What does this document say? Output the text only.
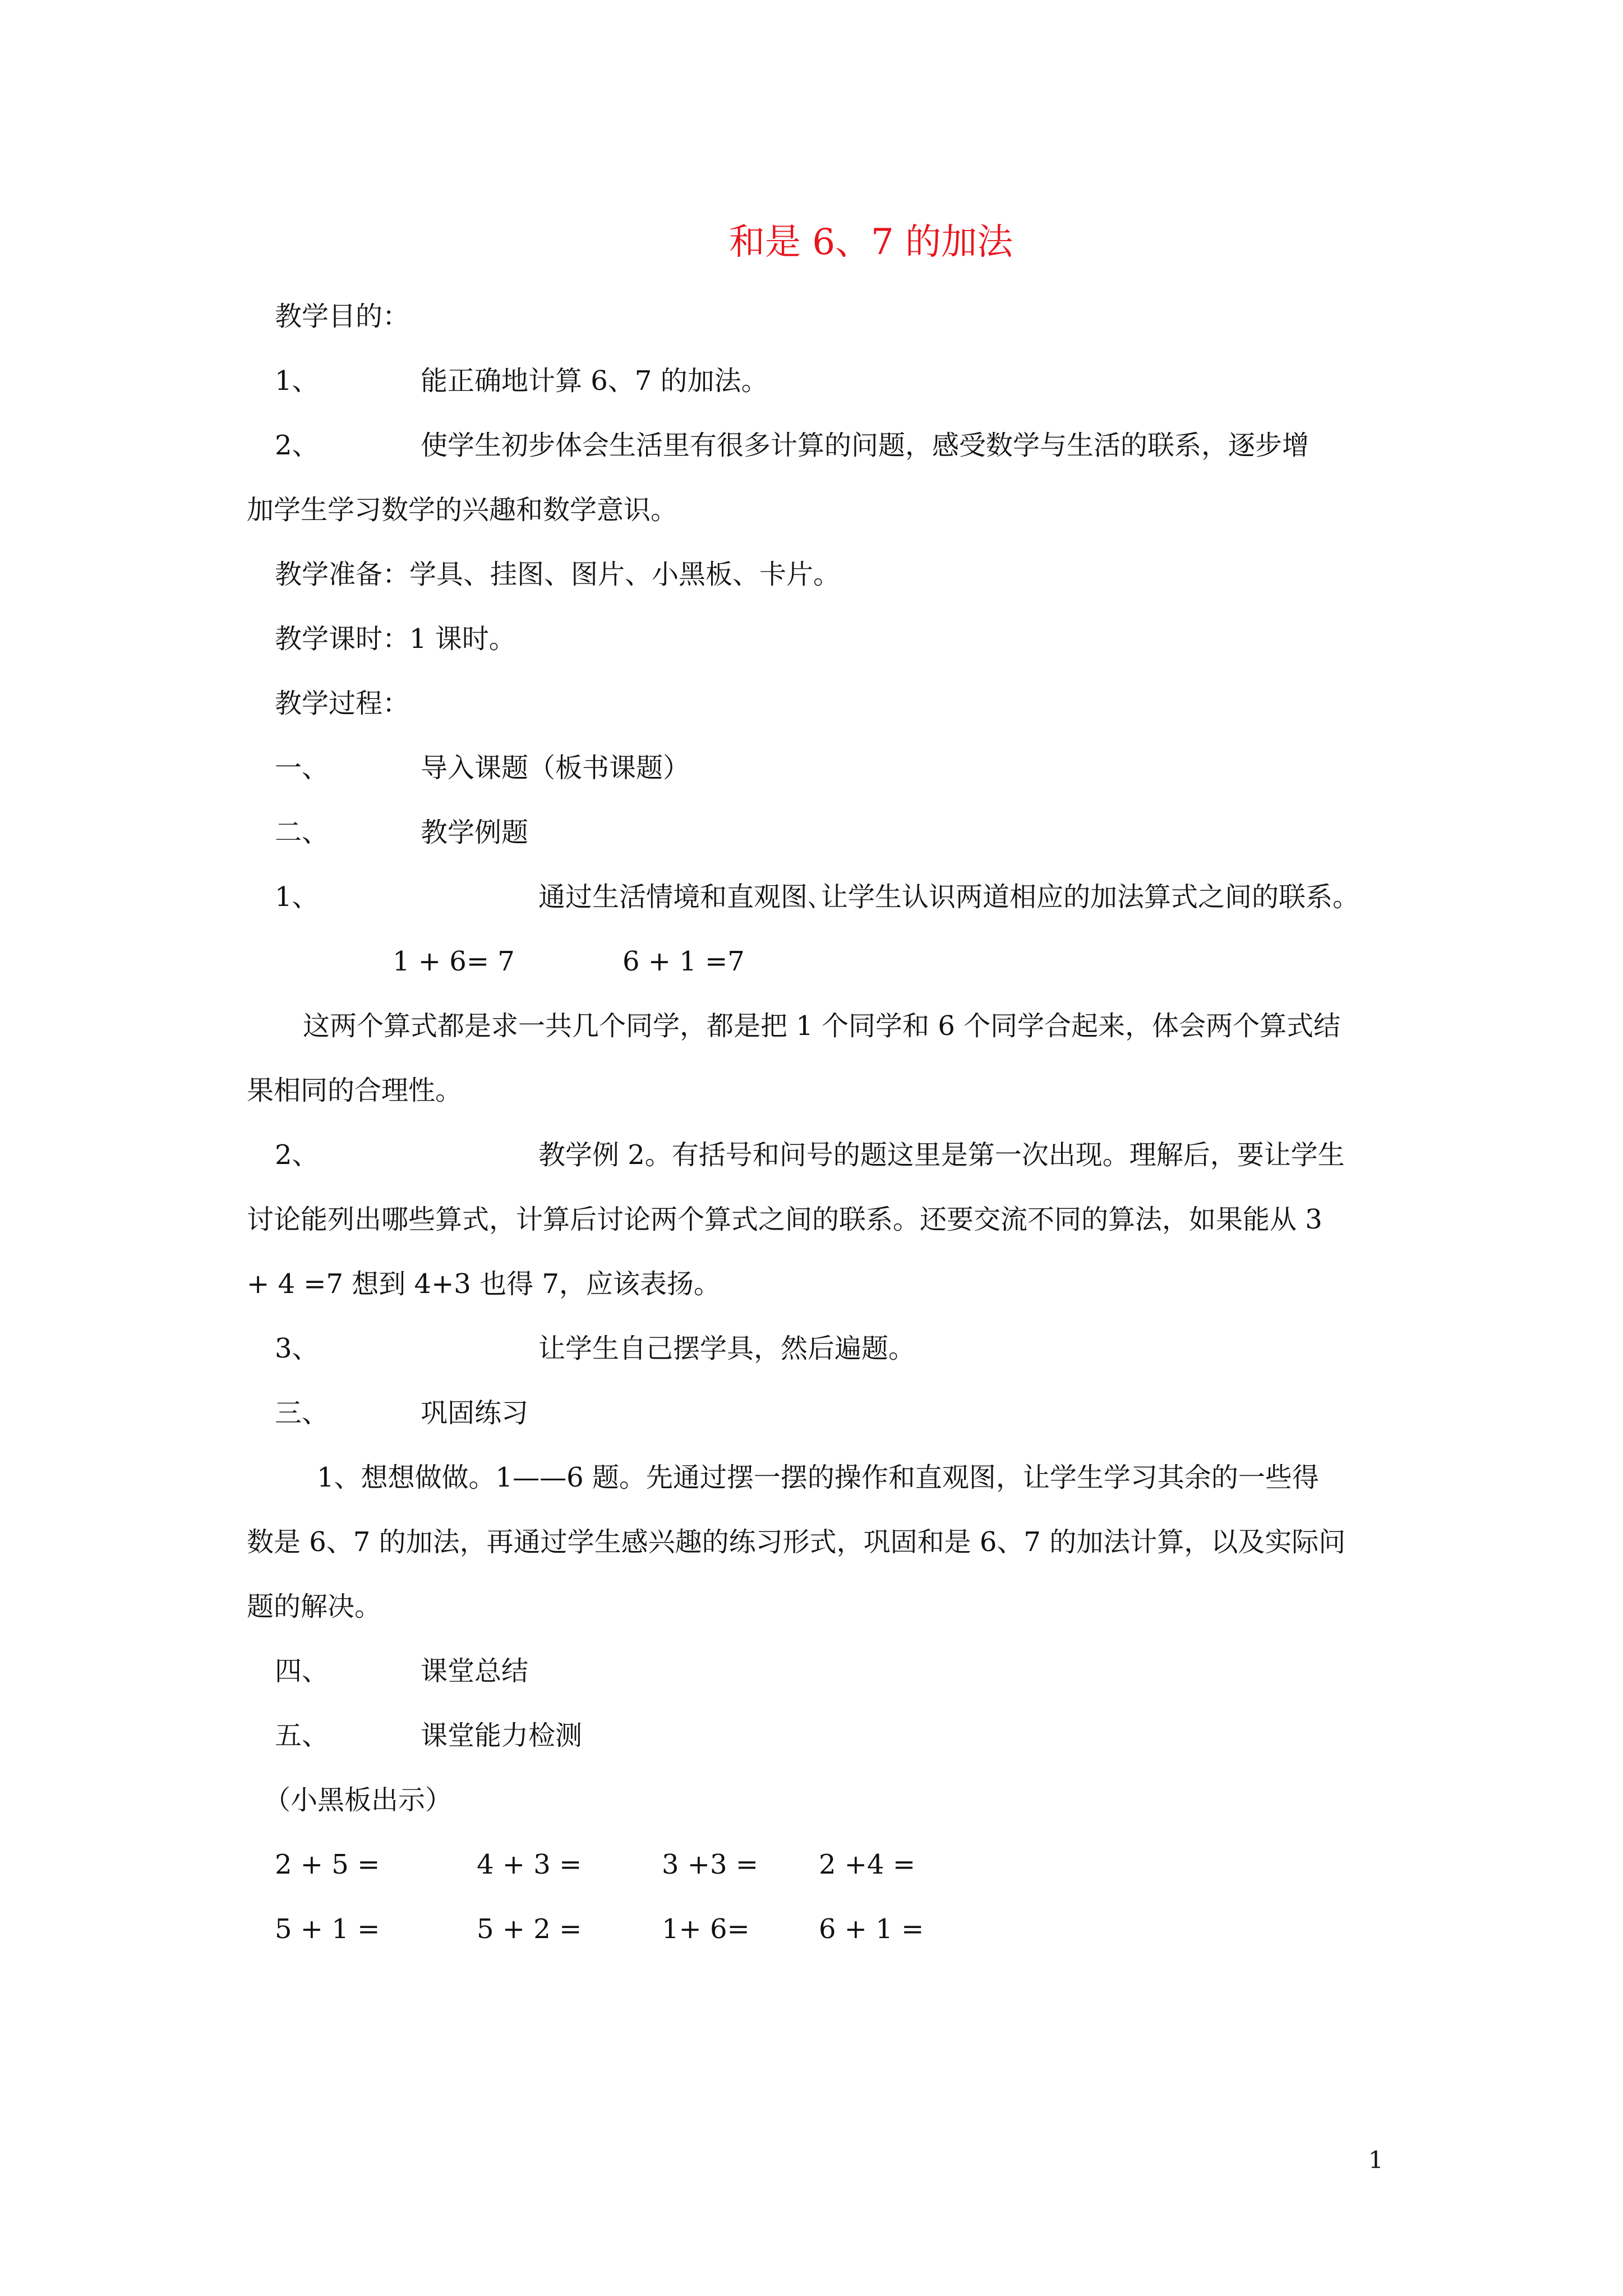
和是 6、7 的加法
教学目的：
1、	能正确地计算 6、7 的加法。
2、	使学生初步体会生活里有很多计算的问题，感受数学与生活的联系，逐步增
加学生学习数学的兴趣和数学意识。
教学准备：学具、挂图、图片、小黑板、卡片。
教学课时：1 课时。
教学过程：
一、	导入课题（板书课题）
二、	教学例题
1、	通过生活情境和直观图､让学生认识两道相应的加法算式之间的联系。
1 + 6= 7	6 + 1 =7
这两个算式都是求一共几个同学，都是把 1 个同学和 6 个同学合起来，体会两个算式结
果相同的合理性。
2、	教学例 2。有括号和问号的题这里是第一次出现。理解后，要让学生
讨论能列出哪些算式，计算后讨论两个算式之间的联系。还要交流不同的算法，如果能从 3
+ 4 =7 想到 4+3 也得 7，应该表扬。
3、	让学生自己摆学具，然后遍题。
三、	巩固练习
1、想想做做。1——6 题。先通过摆一摆的操作和直观图，让学生学习其余的一些得
数是 6、7 的加法，再通过学生感兴趣的练习形式，巩固和是 6、7 的加法计算，以及实际问
题的解决。
四、	课堂总结
五、	课堂能力检测
（小黑板出示）
2 + 5 =	4 + 3 =	3 +3 = 2 +4 =
5 + 1 =	5 + 2 =	1+ 6=	6 + 1 =
1
